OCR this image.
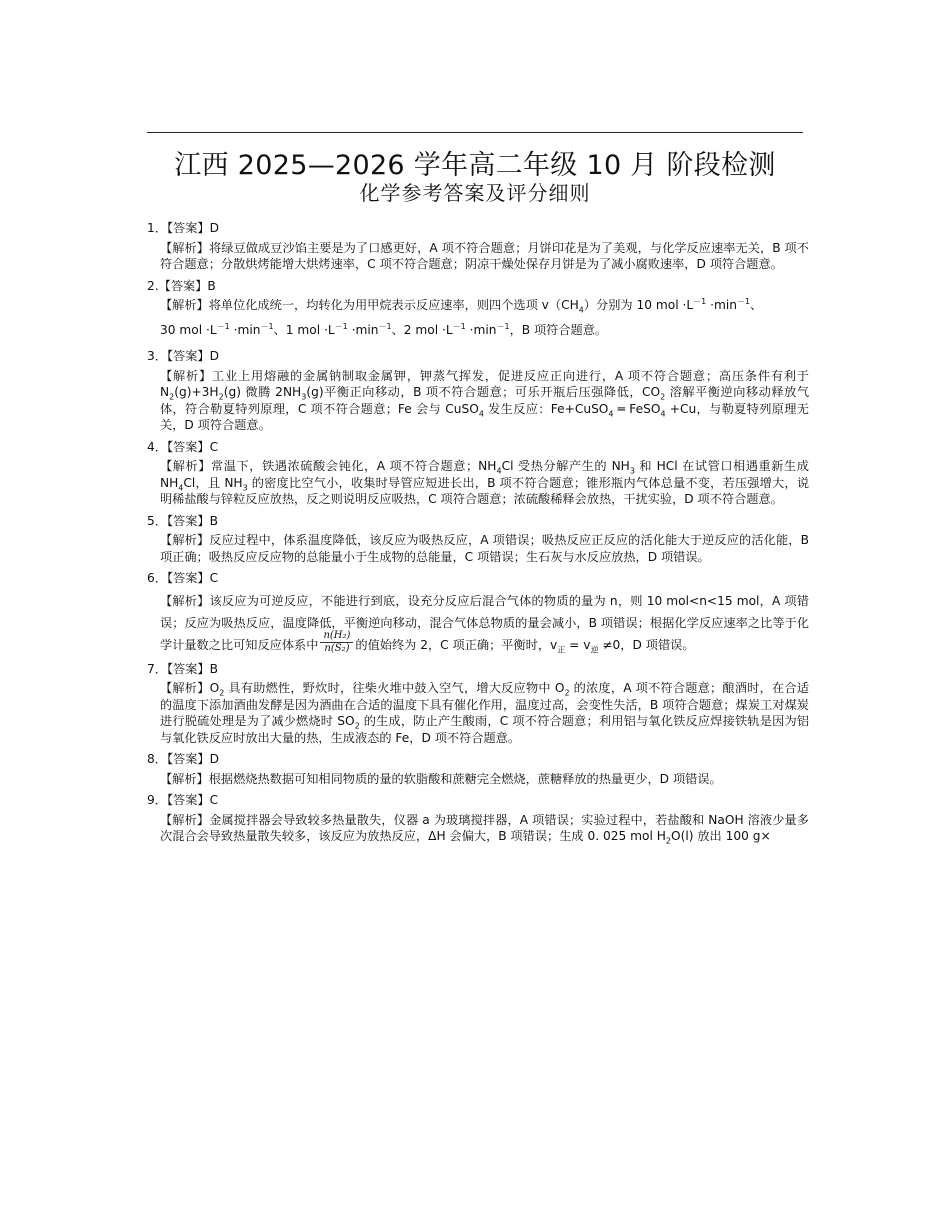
江西 2025—2026 学年高二年级 10 月 阶段检测
化学参考答案及评分细则
1．【答案】D
【解析】将绿豆做成豆沙馅主要是为了口感更好，A 项不符合题意；月饼印花是为了美观，与化学反应速率无关，B 项不符合题意；分散烘烤能增大烘烤速率，C 项不符合题意；阴凉干燥处保存月饼是为了减小腐败速率，D 项符合题意。
2.【答案】B
【解析】将单位化成统一，均转化为用甲烷表示反应速率，则四个选项 $v(CH_4)$分别为 10 mol $\cdot L^{-1} \cdot\min^{-1}$、
30 mol $\cdot L^{-1} \cdot\min^{-1}$、1 mol $\cdot L^{-1} \cdot\min^{-1}$、2 mol $\cdot L^{-1} \cdot\min^{-1}$，B 项符合题意。
3．【答案】D
【解析】工业上用熔融的金属钠制取金属钾，钾蒸气挥发，促进反应正向进行，A 项不符合题意；高压条件有利于 $N_2(g)+3H_2(g)$ 微腾 $2NH_3(g)$平衡正向移动，B 项不符合题意；可乐开瓶后压强降低，$CO_2$ 溶解平衡逆向移动释放气体，符合勒夏特列原理，C 项不符合题意；Fe 会与 CuSO$_4$ 发生反应：Fe+CuSO$_4$ ═ FeSO$_4$ +Cu，与勒夏特列原理无关，D 项符合题意。
4．【答案】C
【解析】常温下，铁遇浓硫酸会钝化，A 项不符合题意；$NH_4Cl$ 受热分解产生的 $NH_3$ 和 HCl 在试管口相遇重新生成 $NH_4Cl$，且 $NH_3$ 的密度比空气小，收集时导管应短进长出，B 项不符合题意；锥形瓶内气体总量不变，若压强增大，说明稀盐酸与锌粒反应放热，反之则说明反应吸热，C 项符合题意；浓硫酸稀释会放热，干扰实验，D 项不符合题意。
5．【答案】B
【解析】反应过程中，体系温度降低，该反应为吸热反应，A 项错误；吸热反应正反应的活化能大于逆反应的活化能，B 项正确；吸热反应反应物的总能量小于生成物的总能量，C 项错误；生石灰与水反应放热，D 项错误。
6．【答案】C
【解析】该反应为可逆反应，不能进行到底，设充分反应后混合气体的物质的量为 n，则 10 mol<n<15 mol，A 项错误；反应为吸热反应，温度降低，平衡逆向移动，混合气体总物质的量会减小，B 项错误；根据化学反应速率之比等于化学计量数之比可知反应体系中 $\frac{\text{n(H₂)}}{\text{n(S₂)}}$ 的值始终为 2，C 项正确；平衡时，$v_正 = v_逆 \ne 0$，D 项错误。
7．【答案】B
【解析】$O_2$ 具有助燃性，野炊时，往柴火堆中鼓入空气，增大反应物中 $O_2$ 的浓度，A 项不符合题意；酿酒时，在合适的温度下添加酒曲发酵是因为酒曲在合适的温度下具有催化作用，温度过高，会变性失活，B 项符合题意；煤炭工对煤炭进行脱硫处理是为了减少燃烧时 $SO_2$ 的生成，防止产生酸雨，C 项不符合题意；利用铝与氧化铁反应焊接铁轨是因为铝与氧化铁反应时放出大量的热，生成液态的 Fe，D 项不符合题意。
8．【答案】D
【解析】根据燃烧热数据可知相同物质的量的软脂酸和蔗糖完全燃烧，蔗糖释放的热量更少，D 项错误。
9．【答案】C
【解析】金属搅拌器会导致较多热量散失，仪器 a 为玻璃搅拌器，A 项错误；实验过程中，若盐酸和 NaOH 溶液少量多次混合会导致热量散失较多，该反应为放热反应，ΔH 会偏大，B 项错误；生成 0. 025 mol $H_2O(l)$ 放出 100 g×
